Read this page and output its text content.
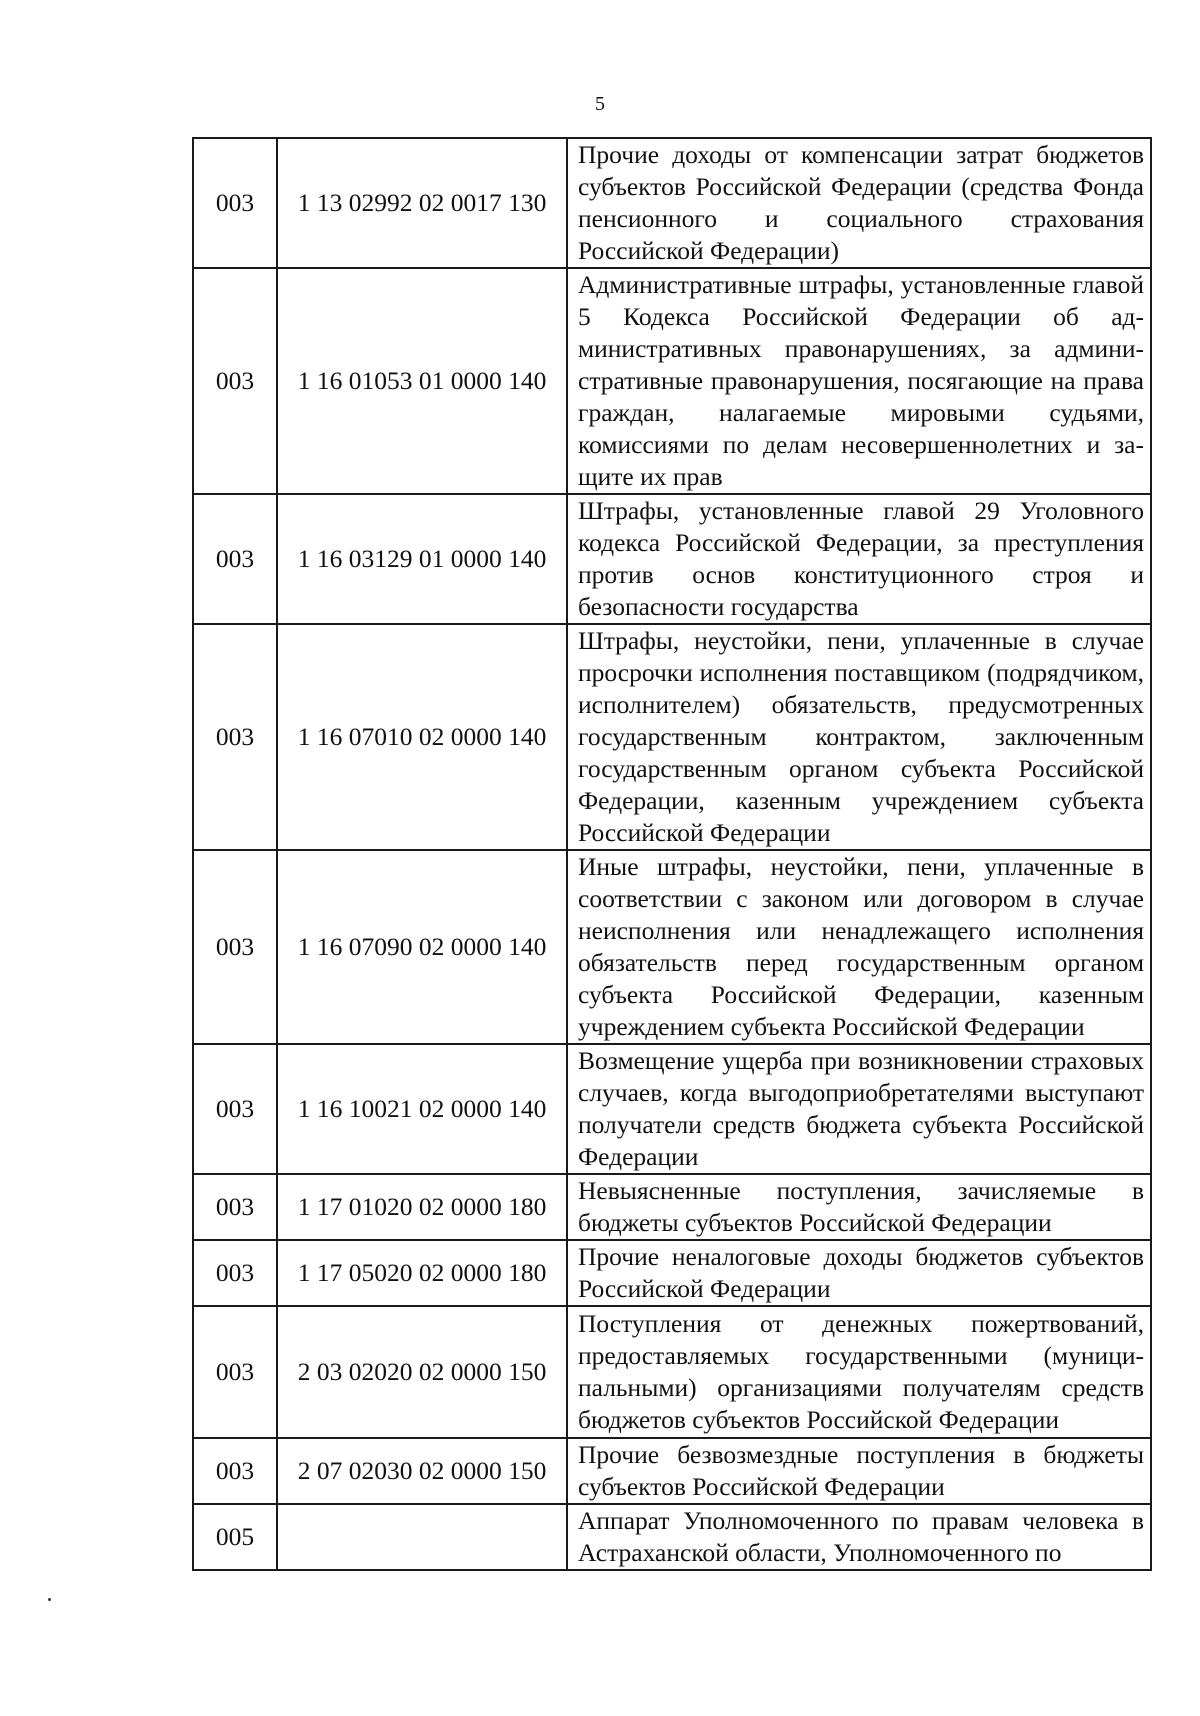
5
003	1 13 02992 02 0017 130	Прочие доходы от компенсации затрат бюджетов субъектов Российской Федерации (средства Фонда пенсионного и социального страхования Российской Федерации)
003	1 16 01053 01 0000 140	Административные штрафы, установленные главой 5 Кодекса Российской Федерации об административных правонарушениях, за административные правонарушения, посягающие на права граждан, налагаемые мировыми судьями, комиссиями по делам несовершеннолетних и защите их прав
003	1 16 03129 01 0000 140	Штрафы, установленные главой 29 Уголовного кодекса Российской Федерации, за преступления против основ конституционного строя и безопасности государства
003	1 16 07010 02 0000 140	Штрафы, неустойки, пени, уплаченные в случае просрочки исполнения поставщиком (подрядчиком, исполнителем) обязательств, предусмотренных государственным контрактом, заключенным государственным органом субъекта Российской Федерации, казенным учреждением субъекта Российской Федерации
003	1 16 07090 02 0000 140	Иные штрафы, неустойки, пени, уплаченные в соответствии с законом или договором в случае неисполнения или ненадлежащего исполнения обязательств перед государственным органом субъекта Российской Федерации, казенным учреждением субъекта Российской Федерации
003	1 16 10021 02 0000 140	Возмещение ущерба при возникновении страховых случаев, когда выгодоприобретателями выступают получатели средств бюджета субъекта Российской Федерации
003	1 17 01020 02 0000 180	Невыясненные поступления, зачисляемые в бюджеты субъектов Российской Федерации
003	1 17 05020 02 0000 180	Прочие неналоговые доходы бюджетов субъектов Российской Федерации
003	2 03 02020 02 0000 150	Поступления от денежных пожертвований, предоставляемых государственными (муниципальными) организациями получателям средств бюджетов субъектов Российской Федерации
003	2 07 02030 02 0000 150	Прочие безвозмездные поступления в бюджеты субъектов Российской Федерации
005		Аппарат Уполномоченного по правам человека в Астраханской области, Уполномоченного по
